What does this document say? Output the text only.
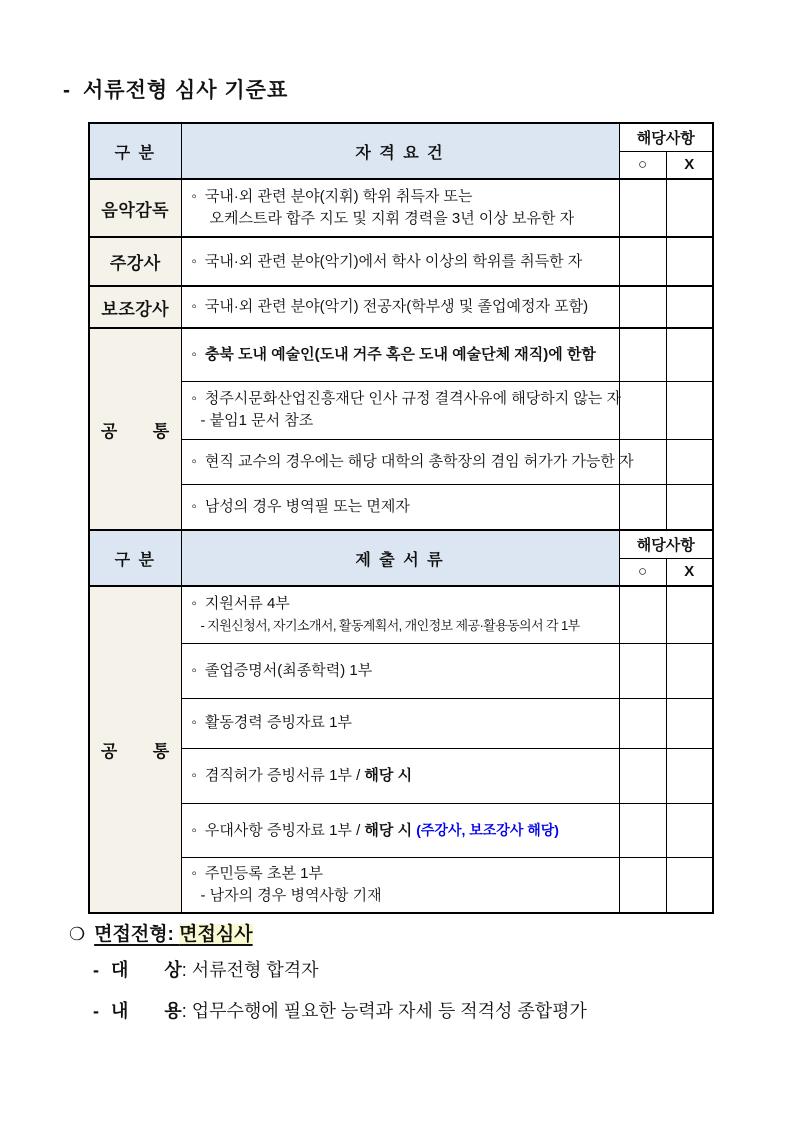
- 서류전형 심사 기준표
구 분	자 격 요 건	해당사항	
		○	X
음악감독	◦ 국내·외 관련 분야(지휘) 학위 취득자 또는
오케스트라 합주 지도 및 지휘 경력을 3년 이상 보유한 자		

주강사	◦ 국내·외 관련 분야(악기)에서 학사 이상의 학위를 취득한 자		

보조강사	◦ 국내·외 관련 분야(악기) 전공자(학부생 및 졸업예정자 포함)		

공　　통	◦ 충북 도내 예술인(도내 거주 혹은 도내 예술단체 재직)에 한함		

	◦ 청주시문화산업진흥재단 인사 규정 결격사유에 해당하지 않는 자
- 붙임1 문서 참조		

	◦ 현직 교수의 경우에는 해당 대학의 총학장의 겸임 허가가 가능한 자		

	◦ 남성의 경우 병역필 또는 면제자		

구 분	제 출 서 류	해당사항	
		○	X
공　　통	◦ 지원서류 4부
- 지원신청서, 자기소개서, 활동계획서, 개인정보 제공·활용동의서 각 1부		

	◦ 졸업증명서(최종학력) 1부		

	◦ 활동경력 증빙자료 1부		

	◦ 겸직허가 증빙서류 1부 / 해당 시		

	◦ 우대사항 증빙자료 1부 / 해당 시 (주강사, 보조강사 해당)		

	◦ 주민등록 초본 1부
- 남자의 경우 병역사항 기재		

❍ 면접전형: 면접심사
- 대　　상: 서류전형 합격자
- 내　　용: 업무수행에 필요한 능력과 자세 등 적격성 종합평가
